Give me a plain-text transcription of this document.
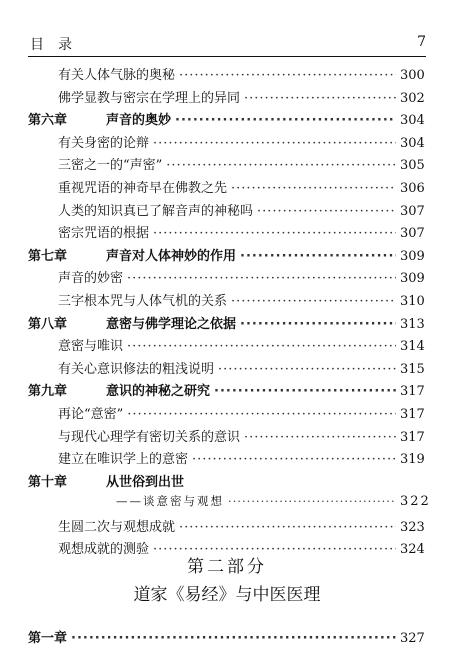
目录	7
有关人体气脉的奥秘 ·····	300
佛学显教与密宗在学理上的异同 ·····	302
第六章	声音的奥妙 ·····	304
有关身密的论辩 ·····	304
三密之一的“声密” ·····	305
重视咒语的神奇早在佛教之先 ·····	306
人类的知识真已了解音声的神秘吗 ·····	307
密宗咒语的根据 ·····	307
第七章	声音对人体神妙的作用 ·····	309
声音的妙密 ·····	309
三字根本咒与人体气机的关系 ·····	310
第八章	意密与佛学理论之依据 ·····	313
意密与唯识 ·····	314
有关心意识修法的粗浅说明 ·····	315
第九章	意识的神秘之研究 ·····	317
再论“意密” ·····	317
与现代心理学有密切关系的意识 ·····	317
建立在唯识学上的意密 ·····	319
第十章	从世俗到出世
——谈意密与观想 ·····	322
生圆二次与观想成就 ·····	323
观想成就的测验 ·····	324
第二部分
道家《易经》与中医医理
第一章 ·····	327
